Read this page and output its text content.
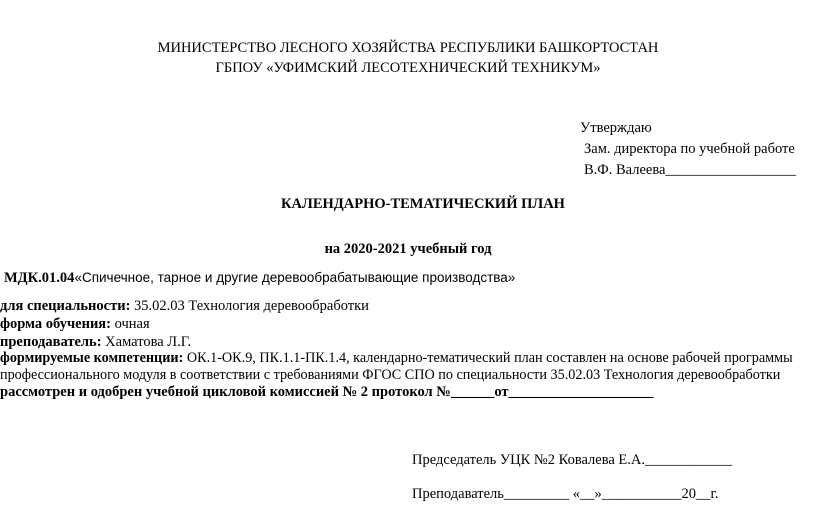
МИНИСТЕРСТВО ЛЕСНОГО ХОЗЯЙСТВА РЕСПУБЛИКИ БАШКОРТОСТАН
ГБПОУ «УФИМСКИЙ ЛЕСОТЕХНИЧЕСКИЙ ТЕХНИКУМ»
Утверждаю
Зам. директора по учебной работе
В.Ф. Валеева__________________
КАЛЕНДАРНО-ТЕМАТИЧЕСКИЙ ПЛАН
на 2020-2021 учебный год
МДК.01.04«Спичечное, тарное и другие деревообрабатывающие производства»
для специальности: 35.02.03 Технология деревообработки
форма обучения: очная
преподаватель: Хаматова Л.Г.
формируемые компетенции: ОК.1-ОК.9, ПК.1.1-ПК.1.4, календарно-тематический план составлен на основе рабочей программы
профессионального модуля в соответствии с требованиями ФГОС СПО по специальности 35.02.03 Технология деревообработки
рассмотрен и одобрен учебной цикловой комиссией № 2 протокол №______от____________________
Председатель УЦК №2 Ковалева Е.А.____________
Преподаватель_________ «__»___________20__г.
